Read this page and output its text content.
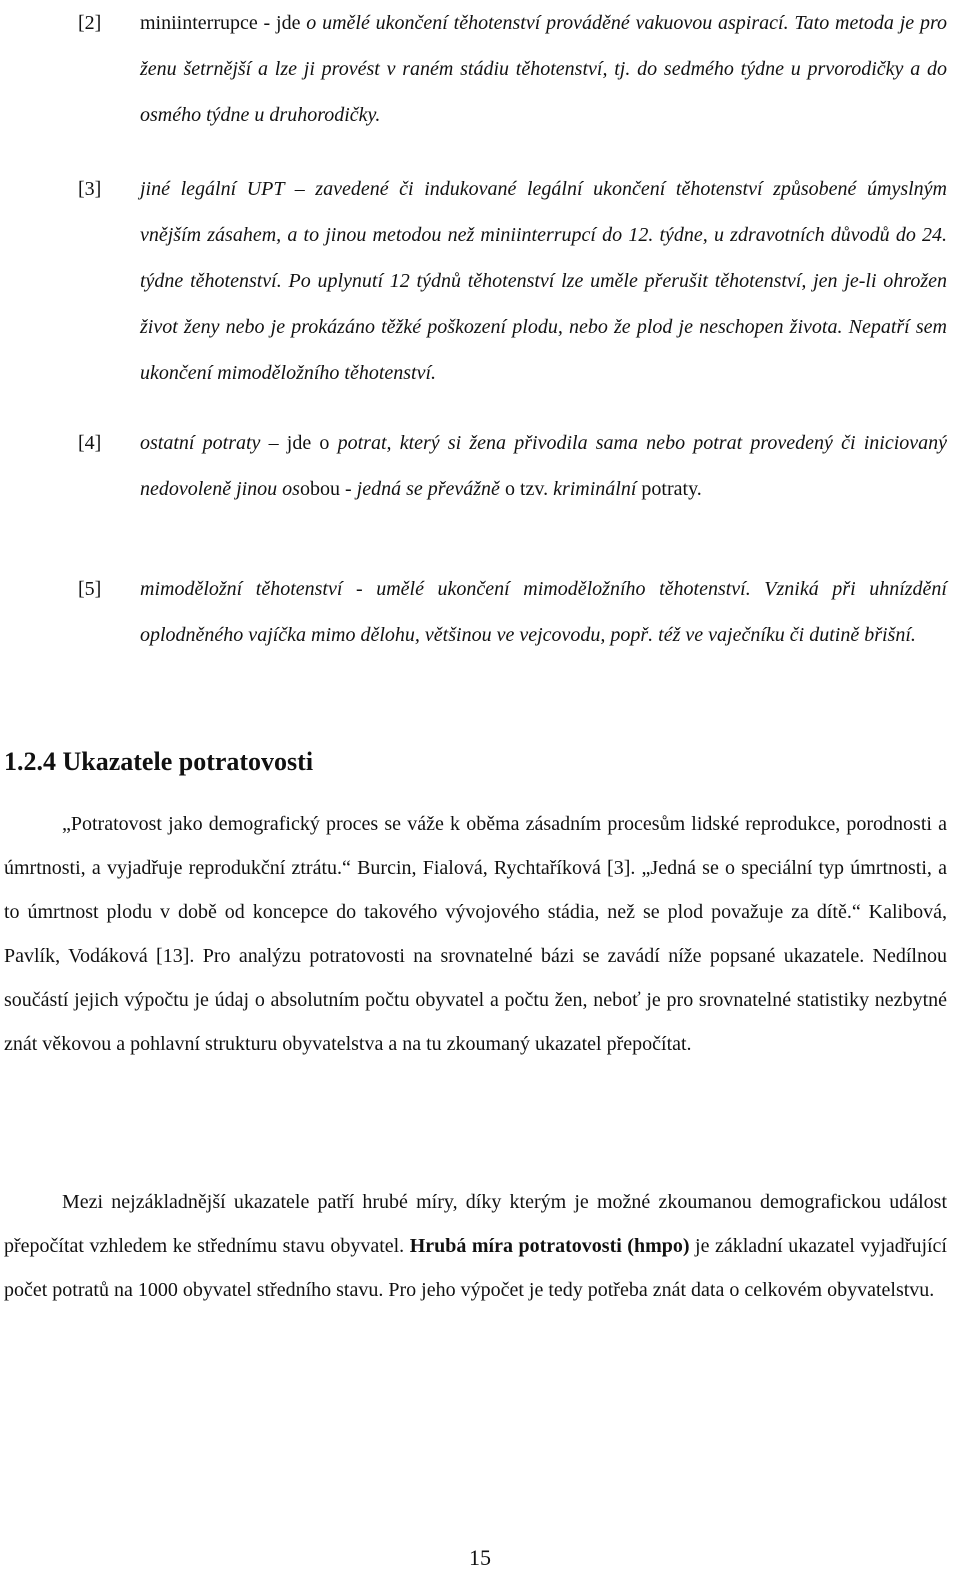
[2] miniinterrupce - jde o umělé ukončení těhotenství prováděné vakuovou aspirací. Tato metoda je pro ženu šetrnější a lze ji provést v raném stádiu těhotenství, tj. do sedmého týdne u prvorodičky a do osmého týdne u druhorodičky.
[3] jiné legální UPT – zavedené či indukované legální ukončení těhotenství způsobené úmyslným vnějším zásahem, a to jinou metodou než miniinterrupcí do 12. týdne, u zdravotních důvodů do 24. týdne těhotenství. Po uplynutí 12 týdnů těhotenství lze uměle přerušit těhotenství, jen je-li ohrožen život ženy nebo je prokázáno těžké poškození plodu, nebo že plod je neschopen života. Nepatří sem ukončení mimoděložního těhotenství.
[4] ostatní potraty – jde o potrat, který si žena přivodila sama nebo potrat provedený či iniciovaný nedovoleně jinou osobou - jedná se převážně o tzv. kriminální potraty.
[5] mimoděložní těhotenství - umělé ukončení mimoděložního těhotenství. Vzniká při uhnízdění oplodněného vajíčka mimo dělohu, většinou ve vejcovodu, popř. též ve vaječníku či dutině břišní.
1.2.4 Ukazatele potratovosti
„Potratovost jako demografický proces se váže k oběma zásadním procesům lidské reprodukce, porodnosti a úmrtnosti, a vyjadřuje reprodukční ztrátu.“ Burcin, Fialová, Rychtaříková [3]. „Jedná se o speciální typ úmrtnosti, a to úmrtnost plodu v době od koncepce do takového vývojového stádia, než se plod považuje za dítě.“ Kalibová, Pavlík, Vodáková [13]. Pro analýzu potratovosti na srovnatelné bázi se zavádí níže popsané ukazatele. Nedílnou součástí jejich výpočtu je údaj o absolutním počtu obyvatel a počtu žen, neboť je pro srovnatelné statistiky nezbytné znát věkovou a pohlavní strukturu obyvatelstva a na tu zkoumaný ukazatel přepočítat.
Mezi nejzákladnější ukazatele patří hrubé míry, díky kterým je možné zkoumanou demografickou událost přepočítat vzhledem ke střednímu stavu obyvatel. Hrubá míra potratovosti (hmpo) je základní ukazatel vyjadřující počet potratů na 1000 obyvatel středního stavu. Pro jeho výpočet je tedy potřeba znát data o celkovém obyvatelstvu.
15
